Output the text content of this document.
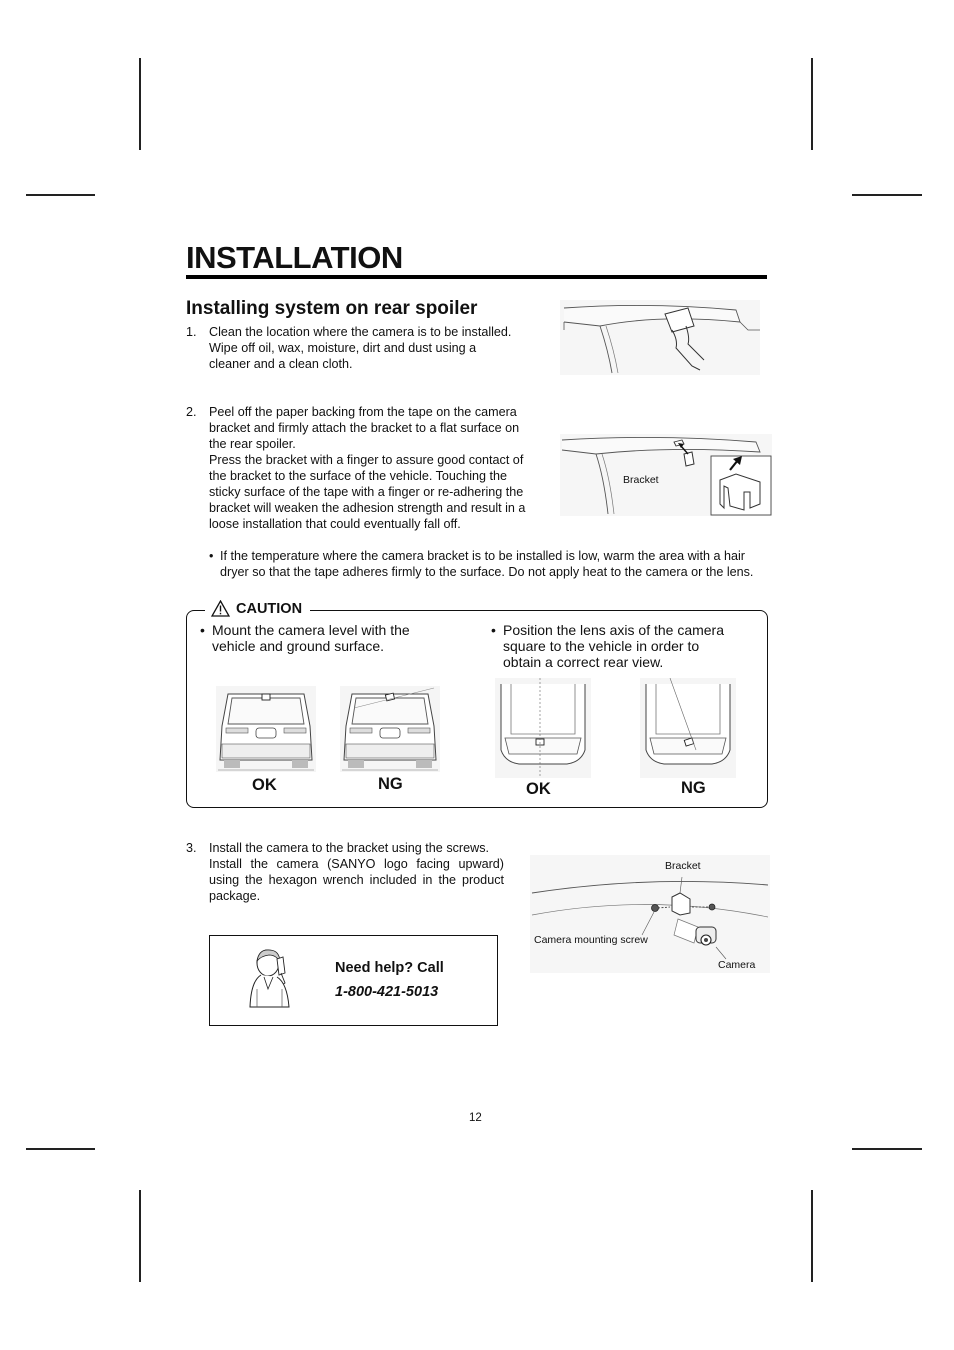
INSTALLATION
Installing system on rear spoiler
1. Clean the location where the camera is to be installed.

Wipe off oil, wax, moisture, dirt and dust using a

cleaner and a clean cloth.

2. Peel off the paper backing from the tape on the camera

bracket and firmly attach the bracket to a flat surface on

the rear spoiler.

Press the bracket with a finger to assure good contact of

the bracket to the surface of the vehicle. Touching the

sticky surface of the tape with a finger or re-adhering the

bracket will weaken the adhesion strength and result in a

loose installation that could eventually fall off.

Bracket
• If the temperature where the camera bracket is to be installed is low, warm the area with a hair
dryer so that the tape adheres firmly to the surface. Do not apply heat to the camera or the lens.
CAUTION
• Mount the camera level with the
vehicle and ground surface.
• Position the lens axis of the camera
square to the vehicle in order to
obtain a correct rear view.
OK	NG	OK	NG
3. Install the camera to the bracket using the screws.

Install the camera (SANYO logo facing upward) using the hexagon wrench included in the product package.

Bracket
Camera mounting screw
Camera
Need help? Call
1-800-421-5013
12
